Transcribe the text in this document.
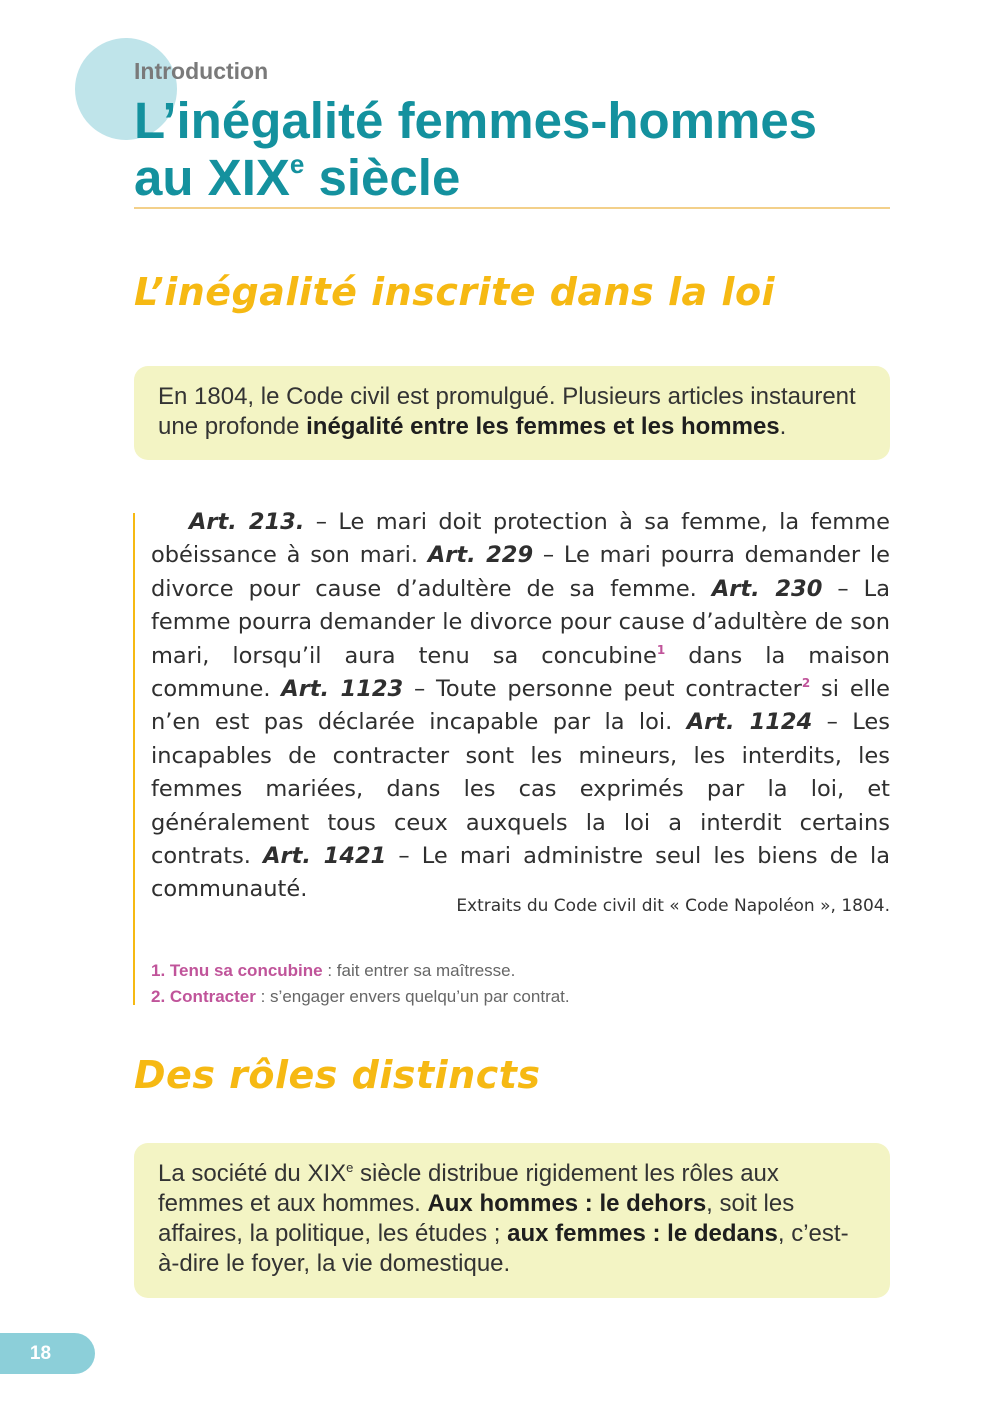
Introduction
L’inégalité femmes-hommes
au XIXe siècle
L’inégalité inscrite dans la loi
En 1804, le Code civil est promulgué. Plusieurs articles instaurent une profonde inégalité entre les femmes et les hommes.

Art. 213. – Le mari doit protection à sa femme, la femme obéissance à son mari. Art. 229 – Le mari pourra demander le divorce pour cause d’adultère de sa femme. Art. 230 – La femme pourra demander le divorce pour cause d’adultère de son mari, lorsqu’il aura tenu sa concubine$^1$ dans la maison commune. Art. 1123 – Toute personne peut contracter$^2$ si elle n’en est pas déclarée incapable par la loi. Art. 1124 – Les incapables de contracter sont les mineurs, les interdits, les femmes mariées, dans les cas exprimés par la loi, et généralement tous ceux auxquels la loi a interdit certains contrats. Art. 1421 – Le mari administre seul les biens de la communauté.

Extraits du Code civil dit « Code Napoléon », 1804.
1. Tenu sa concubine : fait entrer sa maîtresse.
2. Contracter : s’engager envers quelqu’un par contrat.
Des rôles distincts
La société du XIXe siècle distribue rigidement les rôles aux femmes et aux hommes. Aux hommes : le dehors, soit les affaires, la politique, les études ; aux femmes : le dedans, c’est-à-dire le foyer, la vie domestique.
18
